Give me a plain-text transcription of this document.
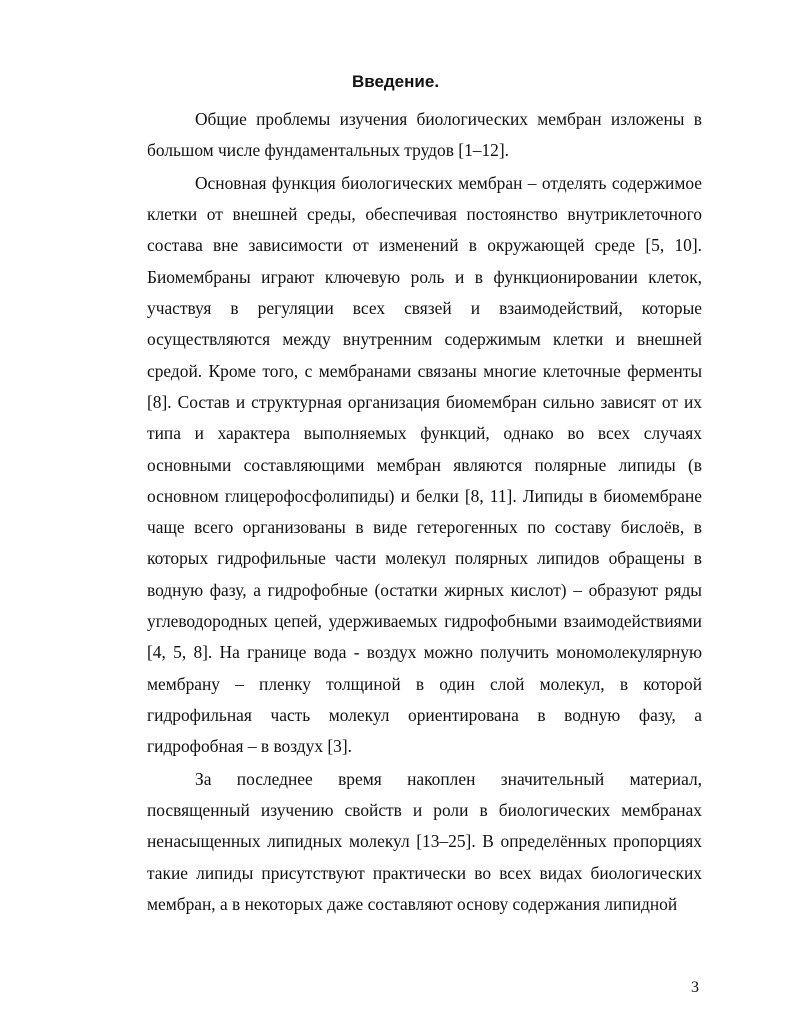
Введение.

Общие проблемы изучения биологических мембран изложены в большом числе фундаментальных трудов [1–12].

Основная функция биологических мембран – отделять содержимое клетки от внешней среды, обеспечивая постоянство внутриклеточного состава вне зависимости от изменений в окружающей среде [5, 10]. Биомембраны играют ключевую роль и в функционировании клеток, участвуя в регуляции всех связей и взаимодействий, которые осуществляются между внутренним содержимым клетки и внешней средой. Кроме того, с мембранами связаны многие клеточные ферменты [8]. Состав и структурная организация биомембран сильно зависят от их типа и характера выполняемых функций, однако во всех случаях основными составляющими мембран являются полярные липиды (в основном глицерофосфолипиды) и белки [8, 11]. Липиды в биомембране чаще всего организованы в виде гетерогенных по составу бислоёв, в которых гидрофильные части молекул полярных липидов обращены в водную фазу, а гидрофобные (остатки жирных кислот) – образуют ряды углеводородных цепей, удерживаемых гидрофобными взаимодействиями [4, 5, 8]. На границе вода - воздух можно получить мономолекулярную мембрану – пленку толщиной в один слой молекул, в которой гидрофильная часть молекул ориентирована в водную фазу, а гидрофобная – в воздух [3].

За последнее время накоплен значительный материал, посвященный изучению свойств и роли в биологических мембранах ненасыщенных липидных молекул [13–25]. В определённых пропорциях такие липиды присутствуют практически во всех видах биологических мембран, а в некоторых даже составляют основу содержания липидной

3
